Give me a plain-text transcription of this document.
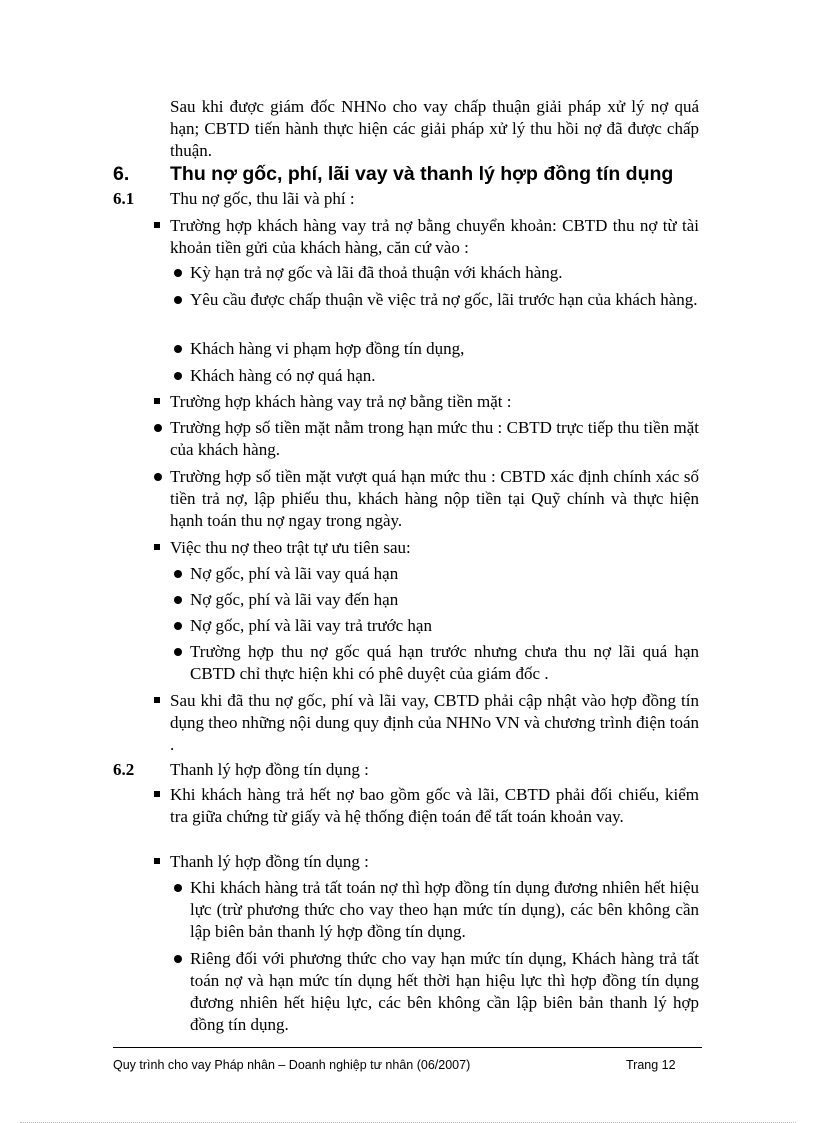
Sau khi được giám đốc NHNo cho vay chấp thuận giải pháp xử lý nợ quá hạn; CBTD tiến hành thực hiện các giải pháp xử lý thu hồi nợ đã được chấp thuận.
6. Thu nợ gốc, phí, lãi vay và thanh lý hợp đồng tín dụng
6.1 Thu nợ gốc, thu lãi và phí :
Trường hợp khách hàng vay trả nợ bằng chuyển khoản: CBTD thu nợ từ tài khoản tiền gửi của khách hàng, căn cứ vào :
Kỳ hạn trả nợ gốc và lãi đã thoả thuận với khách hàng.
Yêu cầu được chấp thuận về việc trả nợ gốc, lãi trước hạn của khách hàng.
Khách hàng vi phạm hợp đồng tín dụng,
Khách hàng có nợ quá hạn.
Trường hợp khách hàng vay trả nợ bằng tiền mặt :
Trường hợp số tiền mặt nằm trong hạn mức thu : CBTD trực tiếp thu tiền mặt của khách hàng.
Trường hợp số tiền mặt vượt quá hạn mức thu : CBTD xác định chính xác số tiền trả nợ, lập phiếu thu, khách hàng nộp tiền tại Quỹ chính và thực hiện hạnh toán thu nợ ngay trong ngày.
Việc thu nợ theo trật tự ưu tiên sau:
Nợ gốc, phí và lãi vay quá hạn
Nợ gốc, phí và lãi vay đến hạn
Nợ gốc, phí và lãi vay trả trước hạn
Trường hợp thu nợ gốc quá hạn trước nhưng chưa thu nợ lãi quá hạn CBTD chỉ thực hiện khi có phê duyệt của giám đốc .
Sau khi đã thu nợ gốc, phí và lãi vay, CBTD phải cập nhật vào hợp đồng tín dụng theo những nội dung quy định của NHNo VN và chương trình điện toán .
6.2 Thanh lý hợp đồng tín dụng :
Khi khách hàng trả hết nợ bao gồm gốc và lãi, CBTD phải đối chiếu, kiểm tra giữa chứng từ giấy và hệ thống điện toán để tất toán khoản vay.
Thanh lý hợp đồng tín dụng :
Khi khách hàng trả tất toán nợ thì hợp đồng tín dụng đương nhiên hết hiệu lực (trừ phương thức cho vay theo hạn mức tín dụng), các bên không cần lập biên bản thanh lý hợp đồng tín dụng.
Riêng đối với phương thức cho vay hạn mức tín dụng, Khách hàng trả tất toán nợ và hạn mức tín dụng hết thời hạn hiệu lực thì hợp đồng tín dụng đương nhiên hết hiệu lực, các bên không cần lập biên bản thanh lý hợp đồng tín dụng.
Quy trình cho vay Pháp nhân – Doanh nghiệp tư nhân (06/2007)	Trang 12
